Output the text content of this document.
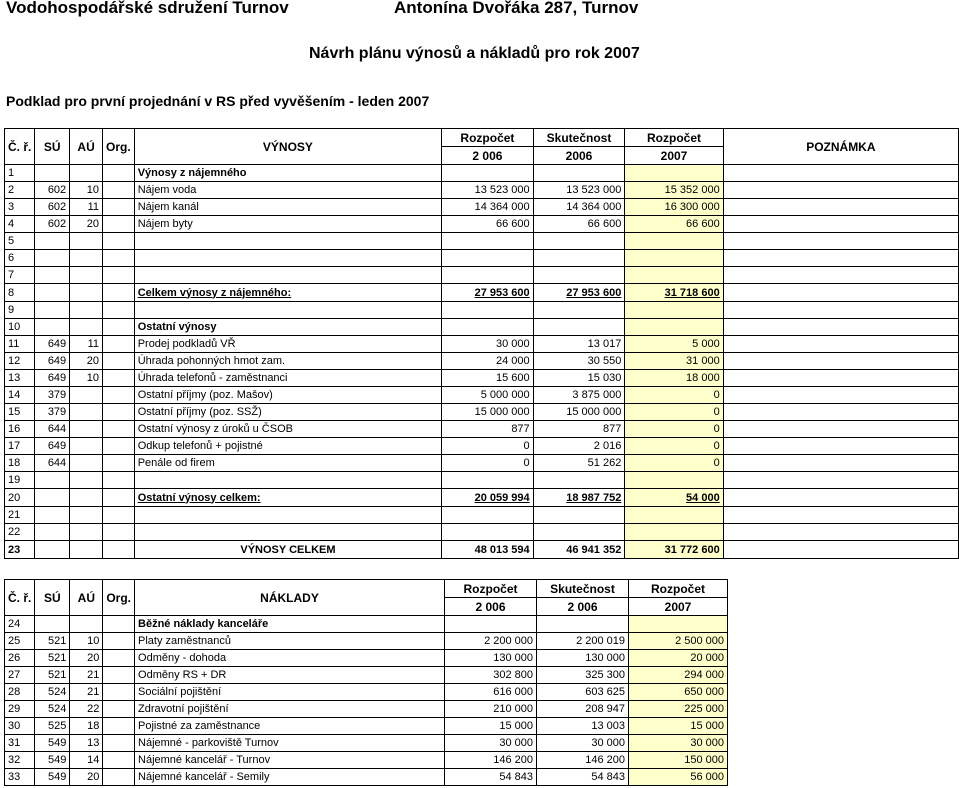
Vodohospodářské sdružení Turnov	Antonína Dvořáka 287, Turnov
Návrh plánu výnosů a nákladů pro rok 2007
Podklad pro první projednání v RS před vyvěšením - leden 2007
Č. ř.	SÚ	AÚ	Org.	VÝNOSY	Rozpočet	Skutečnost	Rozpočet	POZNÁMKA
					2 006	2006	2007	
1				Výnosy z nájemného				
2	602	10		Nájem voda	13 523 000	13 523 000	15 352 000	
3	602	11		Nájem kanál	14 364 000	14 364 000	16 300 000	
4	602	20		Nájem byty	66 600	66 600	66 600	
5								
6								
7								
8				Celkem výnosy z nájemného:	27 953 600	27 953 600	31 718 600	
9								
10				Ostatní výnosy				
11	649	11		Prodej podkladů VŘ	30 000	13 017	5 000	
12	649	20		Úhrada pohonných hmot zam.	24 000	30 550	31 000	
13	649	10		Úhrada telefonů - zaměstnanci	15 600	15 030	18 000	
14	379			Ostatní příjmy (poz. Mašov)	5 000 000	3 875 000	0	
15	379			Ostatní příjmy (poz. SSŽ)	15 000 000	15 000 000	0	
16	644			Ostatní výnosy z úroků u ČSOB	877	877	0	
17	649			Odkup telefonů + pojistné	0	2 016	0	
18	644			Penále od firem	0	51 262	0	
19								
20				Ostatní výnosy celkem:	20 059 994	18 987 752	54 000	
21								
22								
23				VÝNOSY CELKEM	48 013 594	46 941 352	31 772 600	
Č. ř.	SÚ	AÚ	Org.	NÁKLADY	Rozpočet	Skutečnost	Rozpočet
					2 006	2 006	2007
24				Běžné náklady kanceláře			
25	521	10		Platy zaměstnanců	2 200 000	2 200 019	2 500 000
26	521	20		Odměny - dohoda	130 000	130 000	20 000
27	521	21		Odměny RS + DR	302 800	325 300	294 000
28	524	21		Sociální pojištění	616 000	603 625	650 000
29	524	22		Zdravotní pojištění	210 000	208 947	225 000
30	525	18		Pojistné za zaměstnance	15 000	13 003	15 000
31	549	13		Nájemné - parkoviště Turnov	30 000	30 000	30 000
32	549	14		Nájemné kancelář - Turnov	146 200	146 200	150 000
33	549	20		Nájemné kancelář - Semily	54 843	54 843	56 000
